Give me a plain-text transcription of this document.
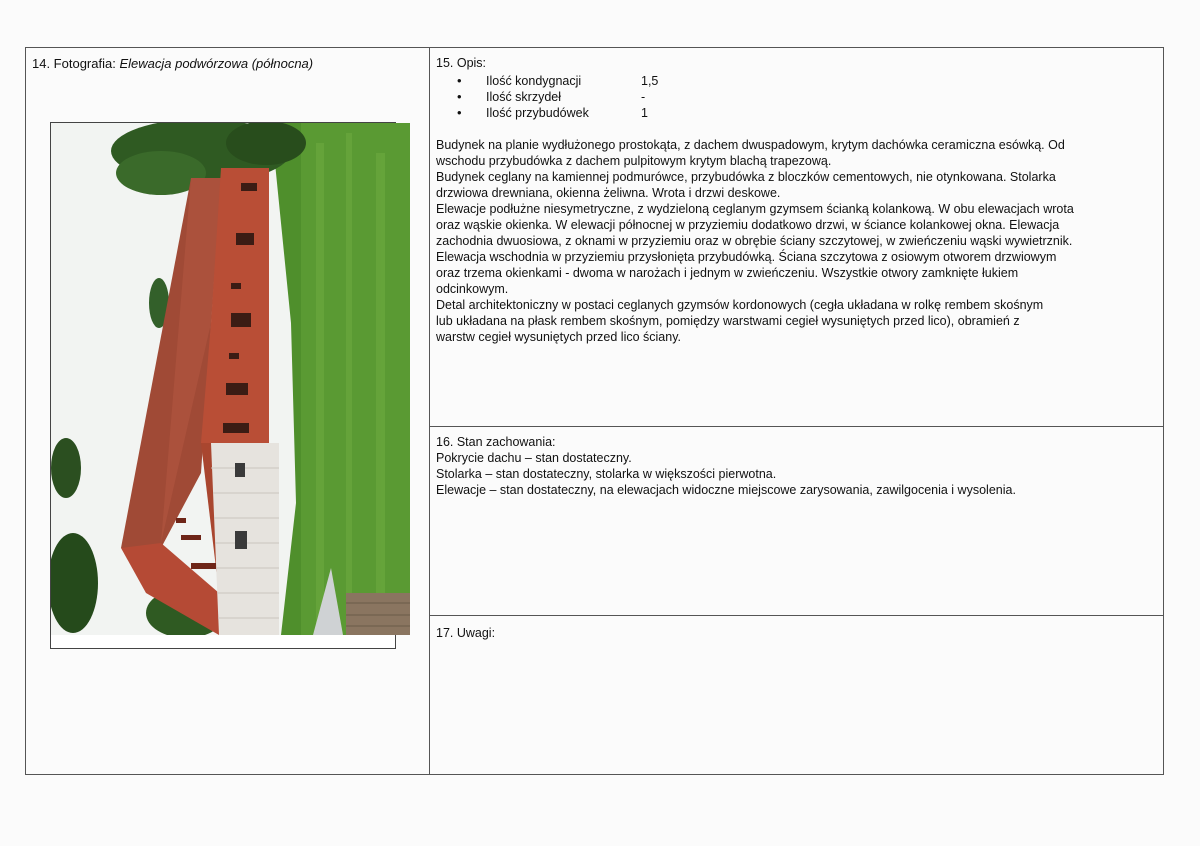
14. Fotografia: Elewacja podwórzowa (północna)	15. Opis:
• Ilość kondygnacji	1,5
• Ilość skrzydeł	-
• Ilość przybudówek	1

Budynek na planie wydłużonego prostokąta, z dachem dwuspadowym, krytym dachówka ceramiczna esówką. Od

wschodu przybudówka z dachem pulpitowym krytym blachą trapezową.

Budynek ceglany na kamiennej podmurówce, przybudówka z bloczków cementowych, nie otynkowana. Stolarka

drzwiowa drewniana, okienna żeliwna. Wrota i drzwi deskowe.

Elewacje podłużne niesymetryczne, z wydzieloną ceglanym gzymsem ścianką kolankową. W obu elewacjach wrota

oraz wąskie okienka. W elewacji północnej w przyziemiu dodatkowo drzwi, w ściance kolankowej okna. Elewacja

zachodnia dwuosiowa, z oknami w przyziemiu oraz w obrębie ściany szczytowej, w zwieńczeniu wąski wywietrznik.

Elewacja wschodnia w przyziemiu przysłonięta przybudówką. Ściana szczytowa z osiowym otworem drzwiowym

oraz trzema okienkami - dwoma w narożach i jednym w zwieńczeniu. Wszystkie otwory zamknięte łukiem

odcinkowym.

Detal architektoniczny w postaci ceglanych gzymsów kordonowych (cegła układana w rolkę rembem skośnym

lub układana na płask rembem skośnym, pomiędzy warstwami cegieł wysuniętych przed lico), obramień z

warstw cegieł wysuniętych przed lico ściany.

16. Stan zachowania:

Pokrycie dachu – stan dostateczny.

Stolarka – stan dostateczny, stolarka w większości pierwotna.

Elewacje – stan dostateczny, na elewacjach widoczne miejscowe zarysowania, zawilgocenia i wysolenia.

17. Uwagi:
